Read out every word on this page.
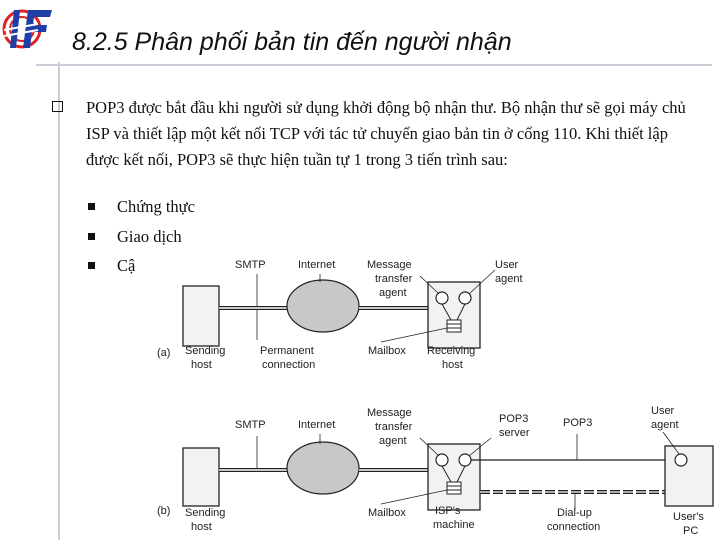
8.2.5 Phân phối bản tin đến người nhận
POP3 được bắt đầu khi người sử dụng khởi động bộ nhận thư. Bộ nhận thư sẽ gọi máy chủ ISP và thiết lập một kết nối TCP với tác tử chuyển giao bản tin ở cổng 110. Khi thiết lập được kết nối, POP3 sẽ thực hiện tuần tự 1 trong 3 tiến trình sau:
Chứng thực
Giao dịch
Cậ
(a)
SMTP	Internet	Message
transfer
agent
User
agent
Sending
host
Permanent
connection
Mailbox Receiving
host
(b)
SMTP	Internet
Message
transfer
agent
POP3
server
POP3
User
agent
Sending
host
Mailbox	ISP's
machine
Dial-up
connection
User's
PC
